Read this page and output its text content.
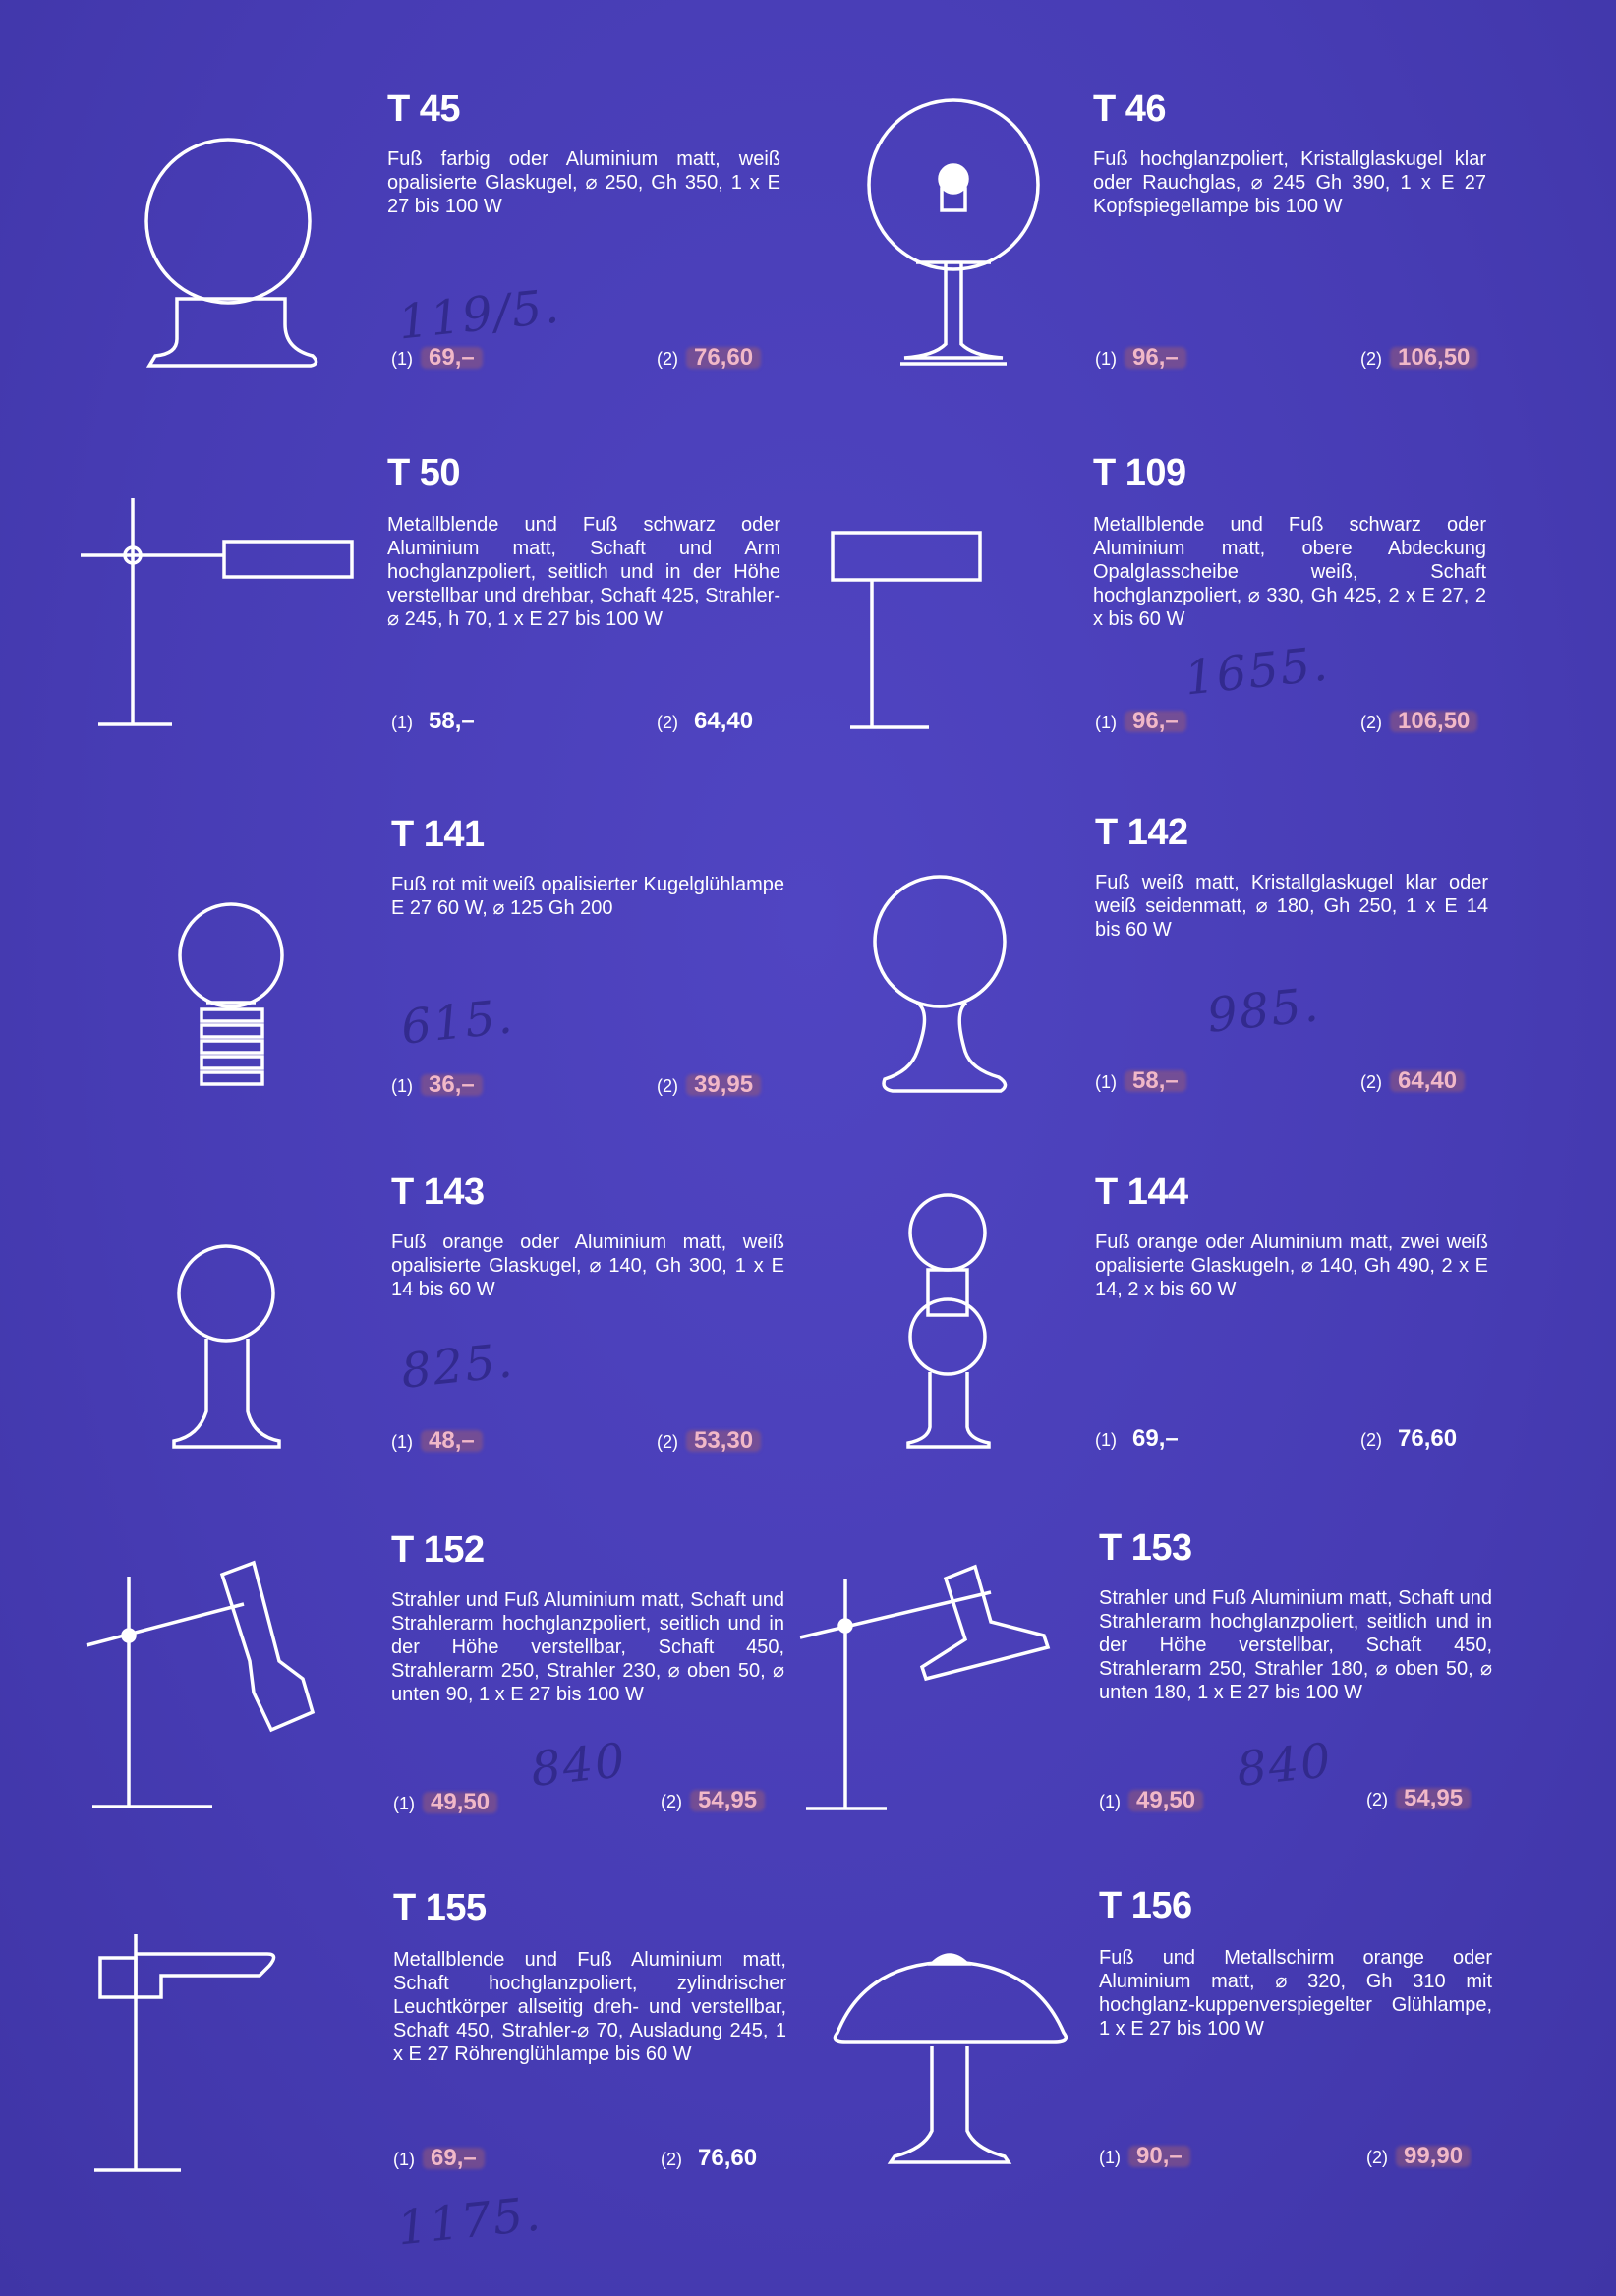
T 45
Fuß farbig oder Aluminium matt, weiß opalisierte Glaskugel, ⌀ 250, Gh 350, 1 x E 27 bis 100 W
119/5.
(1) 69,–	(2) 76,60
T 46
Fuß hochglanzpoliert, Kristallglaskugel klar oder Rauchglas, ⌀ 245 Gh 390, 1 x E 27 Kopfspiegellampe bis 100 W
(1) 96,–	(2) 106,50
T 50
Metallblende und Fuß schwarz oder Aluminium matt, Schaft und Arm hochglanzpoliert, seitlich und in der Höhe verstellbar und drehbar, Schaft 425, Strahler-⌀ 245, h 70, 1 x E 27 bis 100 W
(1) 58,–	(2) 64,40
T 109
Metallblende und Fuß schwarz oder Aluminium matt, obere Abdeckung Opalglasscheibe weiß, Schaft hochglanzpoliert, ⌀ 330, Gh 425, 2 x E 27, 2 x bis 60 W
1655.
(1) 96,–	(2) 106,50
T 141
Fuß rot mit weiß opalisierter Kugelglühlampe E 27 60 W, ⌀ 125 Gh 200
615.
(1) 36,–	(2) 39,95
T 142
Fuß weiß matt, Kristallglaskugel klar oder weiß seidenmatt, ⌀ 180, Gh 250, 1 x E 14 bis 60 W
985.
(1) 58,–	(2) 64,40
T 143
Fuß orange oder Aluminium matt, weiß opalisierte Glaskugel, ⌀ 140, Gh 300, 1 x E 14 bis 60 W
825.
(1) 48,–	(2) 53,30
T 144
Fuß orange oder Aluminium matt, zwei weiß opalisierte Glaskugeln, ⌀ 140, Gh 490, 2 x E 14, 2 x bis 60 W
(1) 69,–	(2) 76,60
T 152
Strahler und Fuß Aluminium matt, Schaft und Strahlerarm hochglanzpoliert, seitlich und in der Höhe verstellbar, Schaft 450, Strahlerarm 250, Strahler 230, ⌀ oben 50, ⌀ unten 90, 1 x E 27 bis 100 W
840
(1) 49,50	(2) 54,95
T 153
Strahler und Fuß Aluminium matt, Schaft und Strahlerarm hochglanzpoliert, seitlich und in der Höhe verstellbar, Schaft 450, Strahlerarm 250, Strahler 180, ⌀ oben 50, ⌀ unten 180, 1 x E 27 bis 100 W
840
(1) 49,50	(2) 54,95
T 155
Metallblende und Fuß Aluminium matt, Schaft hochglanzpoliert, zylindrischer Leuchtkörper allseitig dreh- und verstellbar, Schaft 450, Strahler-⌀ 70, Ausladung 245, 1 x E 27 Röhrenglühlampe bis 60 W
1175.
(1) 69,–	(2) 76,60
T 156
Fuß und Metallschirm orange oder Aluminium matt, ⌀ 320, Gh 310 mit hochglanz-kuppenverspiegelter Glühlampe, 1 x E 27 bis 100 W
(1) 90,–	(2) 99,90
